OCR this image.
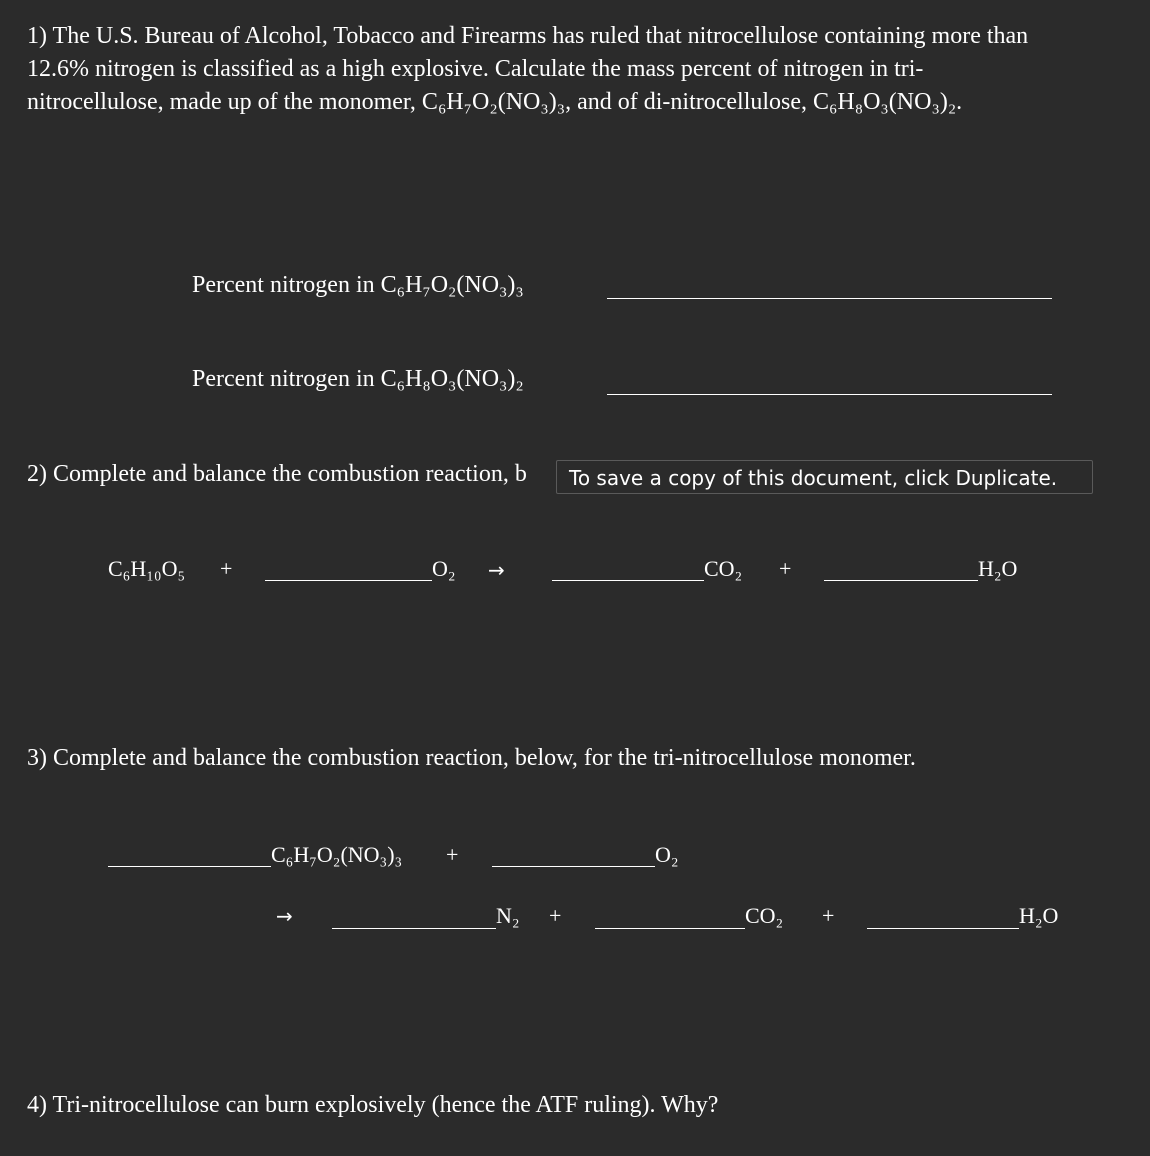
1) The U.S. Bureau of Alcohol, Tobacco and Firearms has ruled that nitrocellulose containing more than

12.6% nitrogen is classified as a high explosive. Calculate the mass percent of nitrogen in tri-

nitrocellulose, made up of the monomer, C₆H₇O₂(NO₃)₃, and of di-nitrocellulose, C₆H₈O₃(NO₃)₂.

Percent nitrogen in C₆H₇O₂(NO₃)₃
Percent nitrogen in C₆H₈O₃(NO₃)₂
2) Complete and balance the combustion reaction, b	To save a copy of this document, click Duplicate.
C₆H₁₀O₅ +	O₂ →	CO₂ +	H₂O
3) Complete and balance the combustion reaction, below, for the tri-nitrocellulose monomer.
C₆H₇O₂(NO₃)₃ +	O₂
→	N₂ +	CO₂ +	H₂O
4) Tri-nitrocellulose can burn explosively (hence the ATF ruling). Why?
